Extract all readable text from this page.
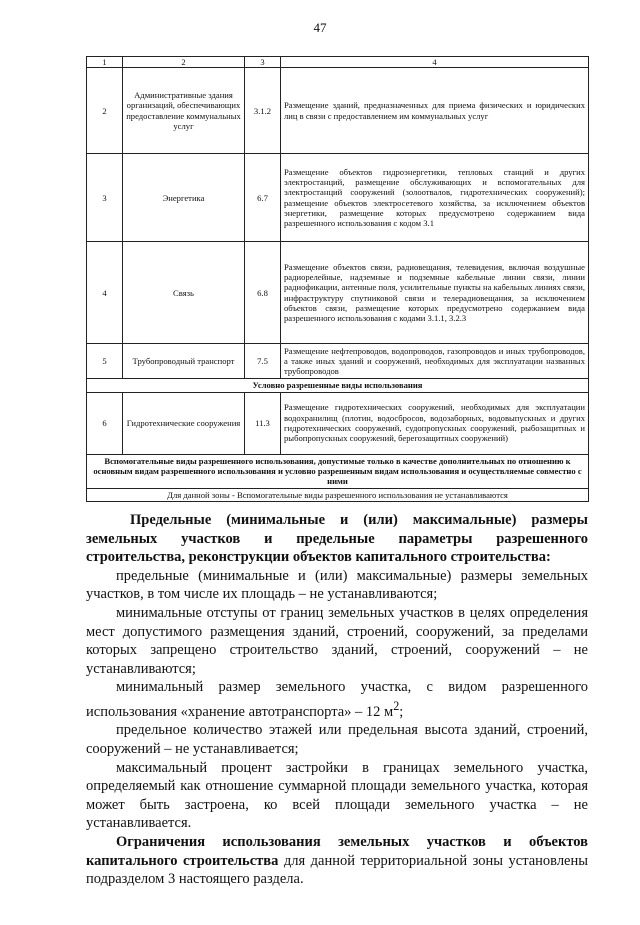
47
1	2	3	4
2	Административные здания организаций, обеспечивающих предоставление коммунальных услуг	3.1.2	Размещение зданий, предназначенных для приема физических и юридических лиц в связи с предоставлением им коммунальных услуг
3	Энергетика	6.7	Размещение объектов гидроэнергетики, тепловых станций и других электростанций, размещение обслуживающих и вспомогательных для электростанций сооружений (золоотвалов, гидротехнических сооружений); размещение объектов электросетевого хозяйства, за исключением объектов энергетики, размещение которых предусмотрено содержанием вида разрешенного использования с кодом 3.1
4	Связь	6.8	Размещение объектов связи, радиовещания, телевидения, включая воздушные радиорелейные, надземные и подземные кабельные линии связи, линии радиофикации, антенные поля, усилительные пункты на кабельных линиях связи, инфраструктуру спутниковой связи и телерадиовещания, за исключением объектов связи, размещение которых предусмотрено содержанием вида разрешенного использования с кодами 3.1.1, 3.2.3
5	Трубопроводный транспорт	7.5	Размещение нефтепроводов, водопроводов, газопроводов и иных трубопроводов, а также иных зданий и сооружений, необходимых для эксплуатации названных трубопроводов
Условно разрешенные виды использования			
6	Гидротехнические сооружения	11.3	Размещение гидротехнических сооружений, необходимых для эксплуатации водохранилищ (плотин, водосбросов, водозаборных, водовыпускных и других гидротехнических сооружений, судопропускных сооружений, рыбозащитных и рыбопропускных сооружений, берегозащитных сооружений)
Вспомогательные виды разрешенного использования, допустимые только в качестве дополнительных по отношению к основным видам разрешенного использования и условно разрешенным видам использования и осуществляемые совместно с ними			
Для данной зоны - Вспомогательные виды разрешенного использования не устанавливаются			

Предельные (минимальные и (или) максимальные) размеры земельных участков и предельные параметры разрешенного строительства, реконструкции объектов капитального строительства:

предельные (минимальные и (или) максимальные) размеры земельных участков, в том числе их площадь – не устанавливаются;

минимальные отступы от границ земельных участков в целях определения мест допустимого размещения зданий, строений, сооружений, за пределами которых запрещено строительство зданий, строений, сооружений – не устанавливаются;

минимальный размер земельного участка, с видом разрешенного использования «хранение автотранспорта» – 12 $м^2$;

предельное количество этажей или предельная высота зданий, строений, сооружений – не устанавливается;

максимальный процент застройки в границах земельного участка, определяемый как отношение суммарной площади земельного участка, которая может быть застроена, ко всей площади земельного участка – не устанавливается.

Ограничения использования земельных участков и объектов капитального строительства для данной территориальной зоны установлены подразделом 3 настоящего раздела.
